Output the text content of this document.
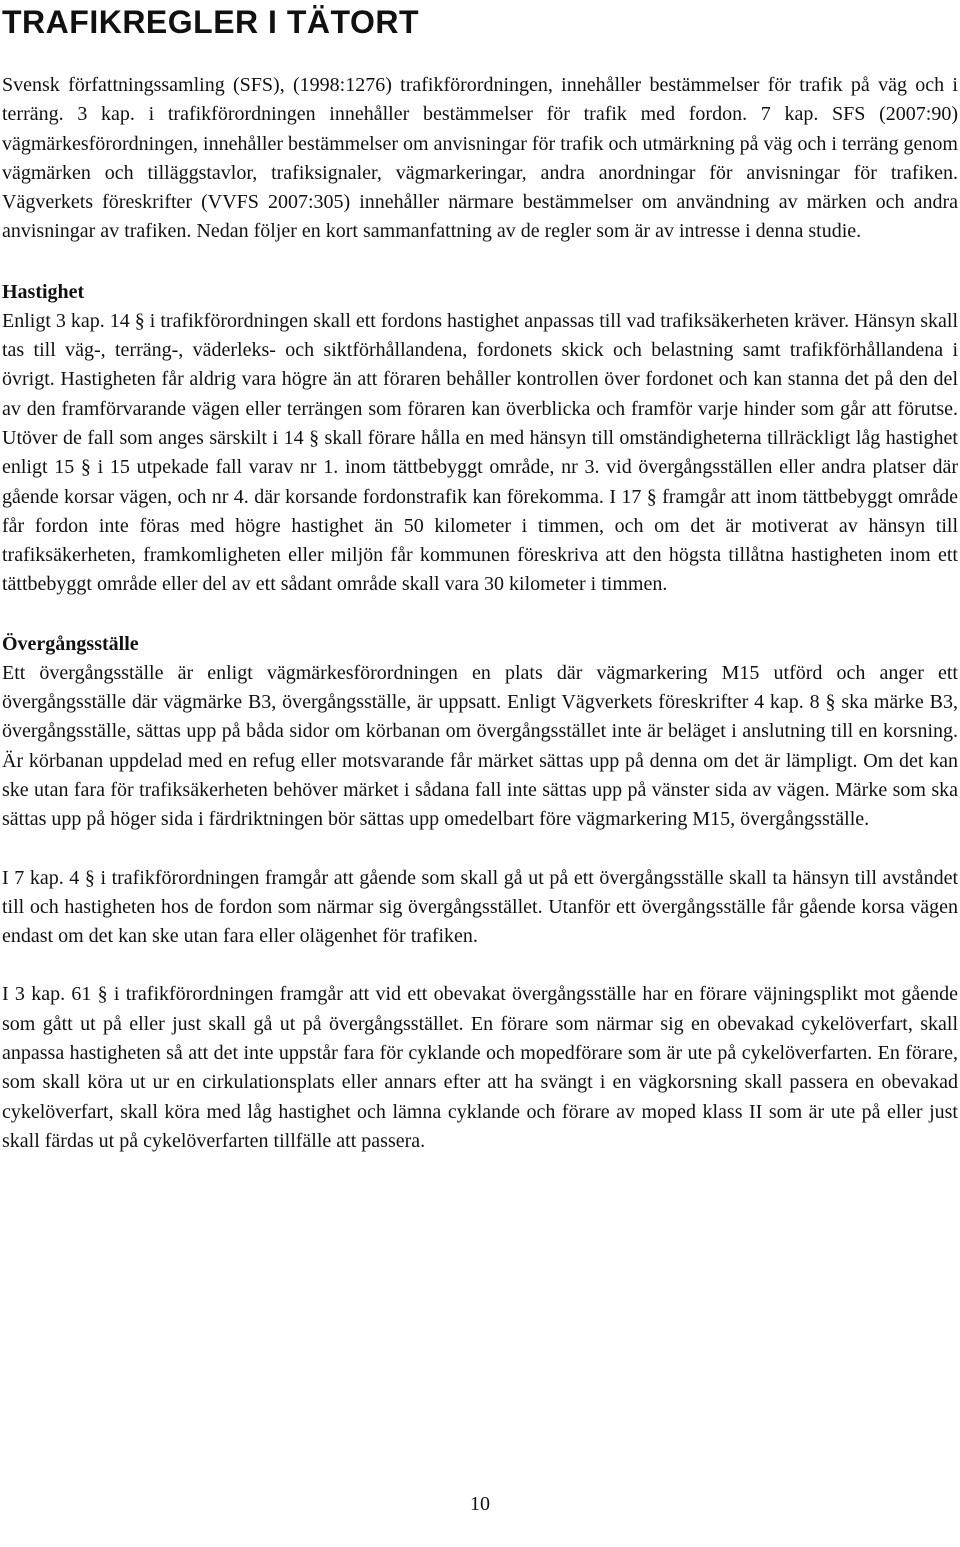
TRAFIKREGLER I TÄTORT

Svensk författningssamling (SFS), (1998:1276) trafikförordningen, innehåller bestämmelser för trafik på väg och i terräng. 3 kap. i trafikförordningen innehåller bestämmelser för trafik med fordon. 7 kap. SFS (2007:90) vägmärkesförordningen, innehåller bestämmelser om anvisningar för trafik och utmärkning på väg och i terräng genom vägmärken och tilläggstavlor, trafiksignaler, vägmarkeringar, andra anordningar för anvisningar för trafiken. Vägverkets föreskrifter (VVFS 2007:305) innehåller närmare bestämmelser om användning av märken och andra anvisningar av trafiken. Nedan följer en kort sammanfattning av de regler som är av intresse i denna studie.

Hastighet

Enligt 3 kap. 14 § i trafikförordningen skall ett fordons hastighet anpassas till vad trafiksäkerheten kräver. Hänsyn skall tas till väg-, terräng-, väderleks- och siktförhållandena, fordonets skick och belastning samt trafikförhållandena i övrigt. Hastigheten får aldrig vara högre än att föraren behåller kontrollen över fordonet och kan stanna det på den del av den framförvarande vägen eller terrängen som föraren kan överblicka och framför varje hinder som går att förutse. Utöver de fall som anges särskilt i 14 § skall förare hålla en med hänsyn till omständigheterna tillräckligt låg hastighet enligt 15 § i 15 utpekade fall varav nr 1. inom tättbebyggt område, nr 3. vid övergångsställen eller andra platser där gående korsar vägen, och nr 4. där korsande fordonstrafik kan förekomma. I 17 § framgår att inom tättbebyggt område får fordon inte föras med högre hastighet än 50 kilometer i timmen, och om det är motiverat av hänsyn till trafiksäkerheten, framkomligheten eller miljön får kommunen föreskriva att den högsta tillåtna hastigheten inom ett tättbebyggt område eller del av ett sådant område skall vara 30 kilometer i timmen.

Övergångsställe

Ett övergångsställe är enligt vägmärkesförordningen en plats där vägmarkering M15 utförd och anger ett övergångsställe där vägmärke B3, övergångsställe, är uppsatt. Enligt Vägverkets föreskrifter 4 kap. 8 § ska märke B3, övergångsställe, sättas upp på båda sidor om körbanan om övergångsstället inte är beläget i anslutning till en korsning. Är körbanan uppdelad med en refug eller motsvarande får märket sättas upp på denna om det är lämpligt. Om det kan ske utan fara för trafiksäkerheten behöver märket i sådana fall inte sättas upp på vänster sida av vägen. Märke som ska sättas upp på höger sida i färdriktningen bör sättas upp omedelbart före vägmarkering M15, övergångsställe.

I 7 kap. 4 § i trafikförordningen framgår att gående som skall gå ut på ett övergångsställe skall ta hänsyn till avståndet till och hastigheten hos de fordon som närmar sig övergångsstället. Utanför ett övergångsställe får gående korsa vägen endast om det kan ske utan fara eller olägenhet för trafiken.

I 3 kap. 61 § i trafikförordningen framgår att vid ett obevakat övergångsställe har en förare väjningsplikt mot gående som gått ut på eller just skall gå ut på övergångsstället. En förare som närmar sig en obevakad cykelöverfart, skall anpassa hastigheten så att det inte uppstår fara för cyklande och mopedförare som är ute på cykelöverfarten. En förare, som skall köra ut ur en cirkulationsplats eller annars efter att ha svängt i en vägkorsning skall passera en obevakad cykelöverfart, skall köra med låg hastighet och lämna cyklande och förare av moped klass II som är ute på eller just skall färdas ut på cykelöverfarten tillfälle att passera.

10
